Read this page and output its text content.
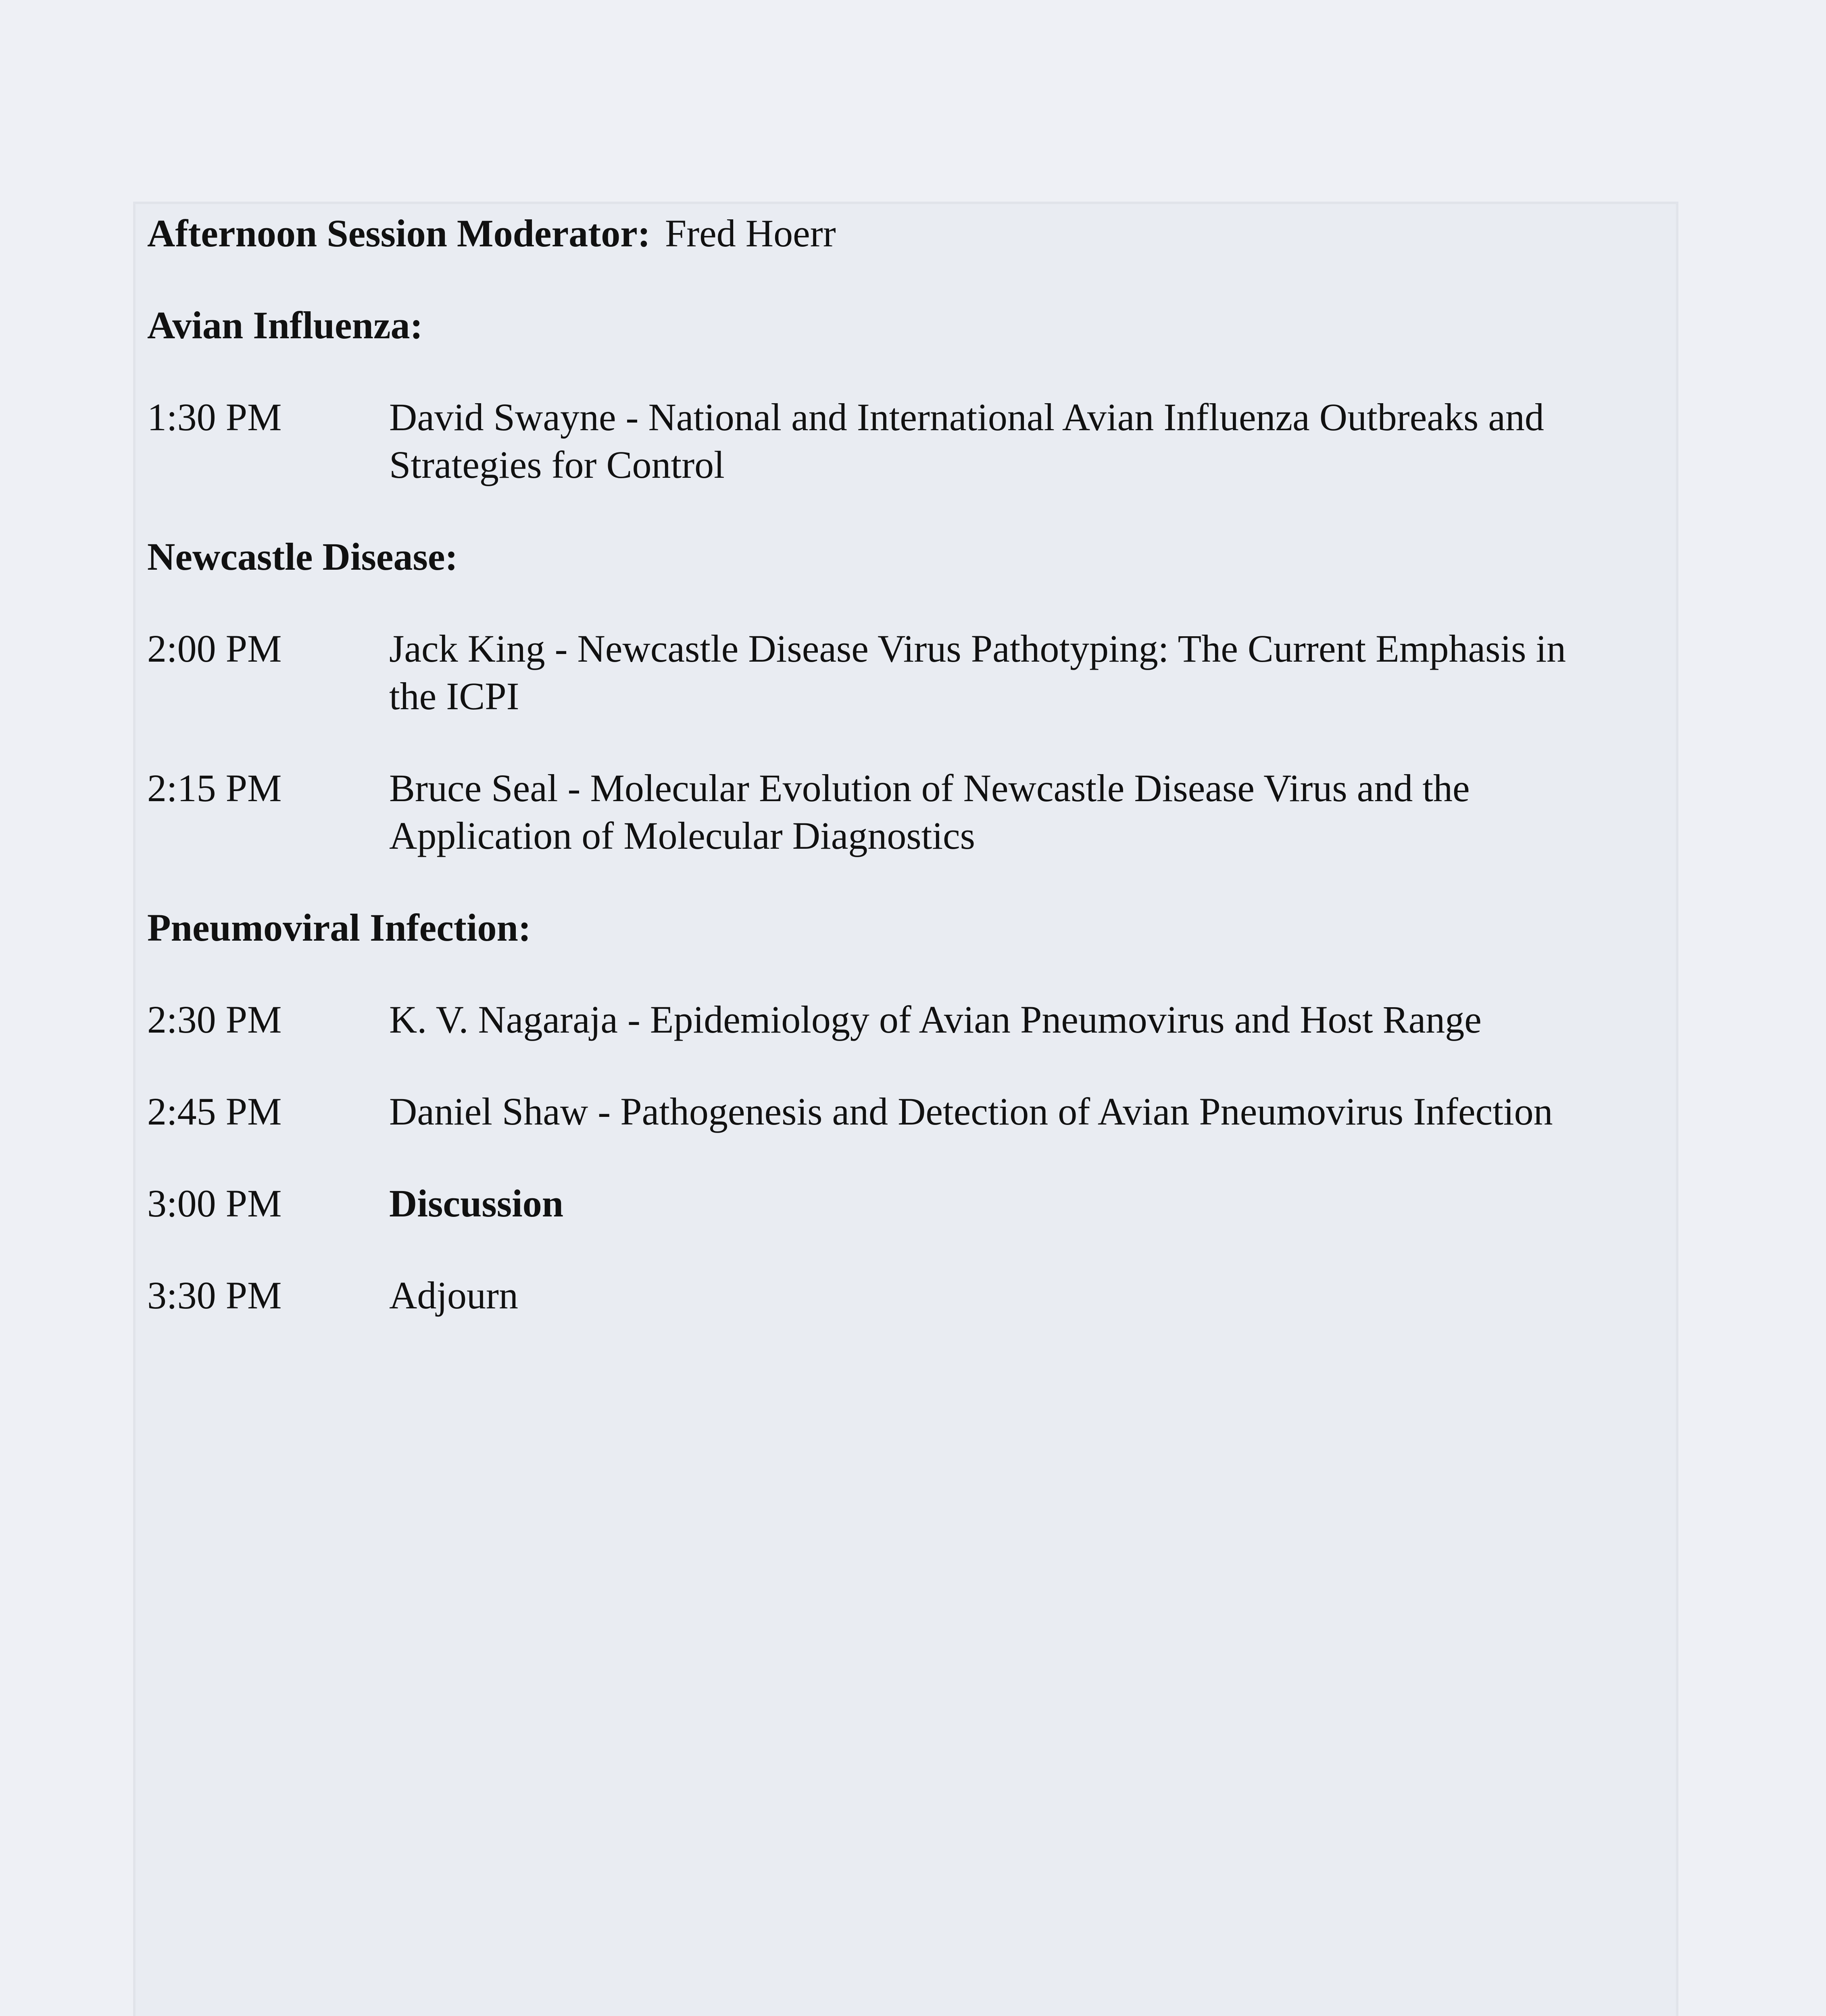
Afternoon Session Moderator: Fred Hoerr

Avian Influenza:

1:30 PM	David Swayne - National and International Avian Influenza Outbreaks and Strategies for Control

Newcastle Disease:

2:00 PM	Jack King - Newcastle Disease Virus Pathotyping: The Current Emphasis in the ICPI
2:15 PM	Bruce Seal - Molecular Evolution of Newcastle Disease Virus and the Application of Molecular Diagnostics

Pneumoviral Infection:

2:30 PM	K. V. Nagaraja - Epidemiology of Avian Pneumovirus and Host Range
2:45 PM	Daniel Shaw - Pathogenesis and Detection of Avian Pneumovirus Infection
3:00 PM	Discussion
3:30 PM	Adjourn
